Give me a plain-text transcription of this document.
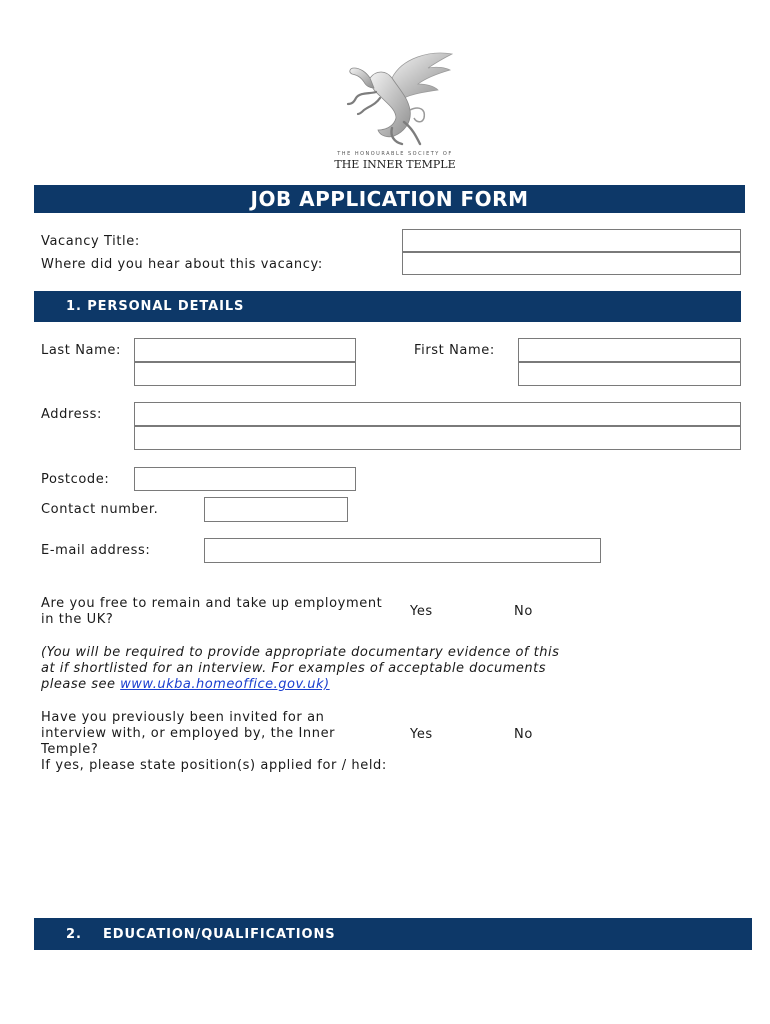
THE HONOURABLE SOCIETY OF
THE INNER TEMPLE
JOB APPLICATION FORM
Vacancy Title:
Where did you hear about this vacancy:
1. PERSONAL DETAILS
Last Name:	First Name:
Address:
Postcode:
Contact number.
E-mail address:
Are you free to remain and take up employment
in the UK?
Yes	No
(You will be required to provide appropriate documentary evidence of this
at if shortlisted for an interview. For examples of acceptable documents
please see www.ukba.homeoffice.gov.uk)
Have you previously been invited for an
interview with, or employed by, the Inner
Temple?
If yes, please state position(s) applied for / held:
Yes	No
2. EDUCATION/QUALIFICATIONS
